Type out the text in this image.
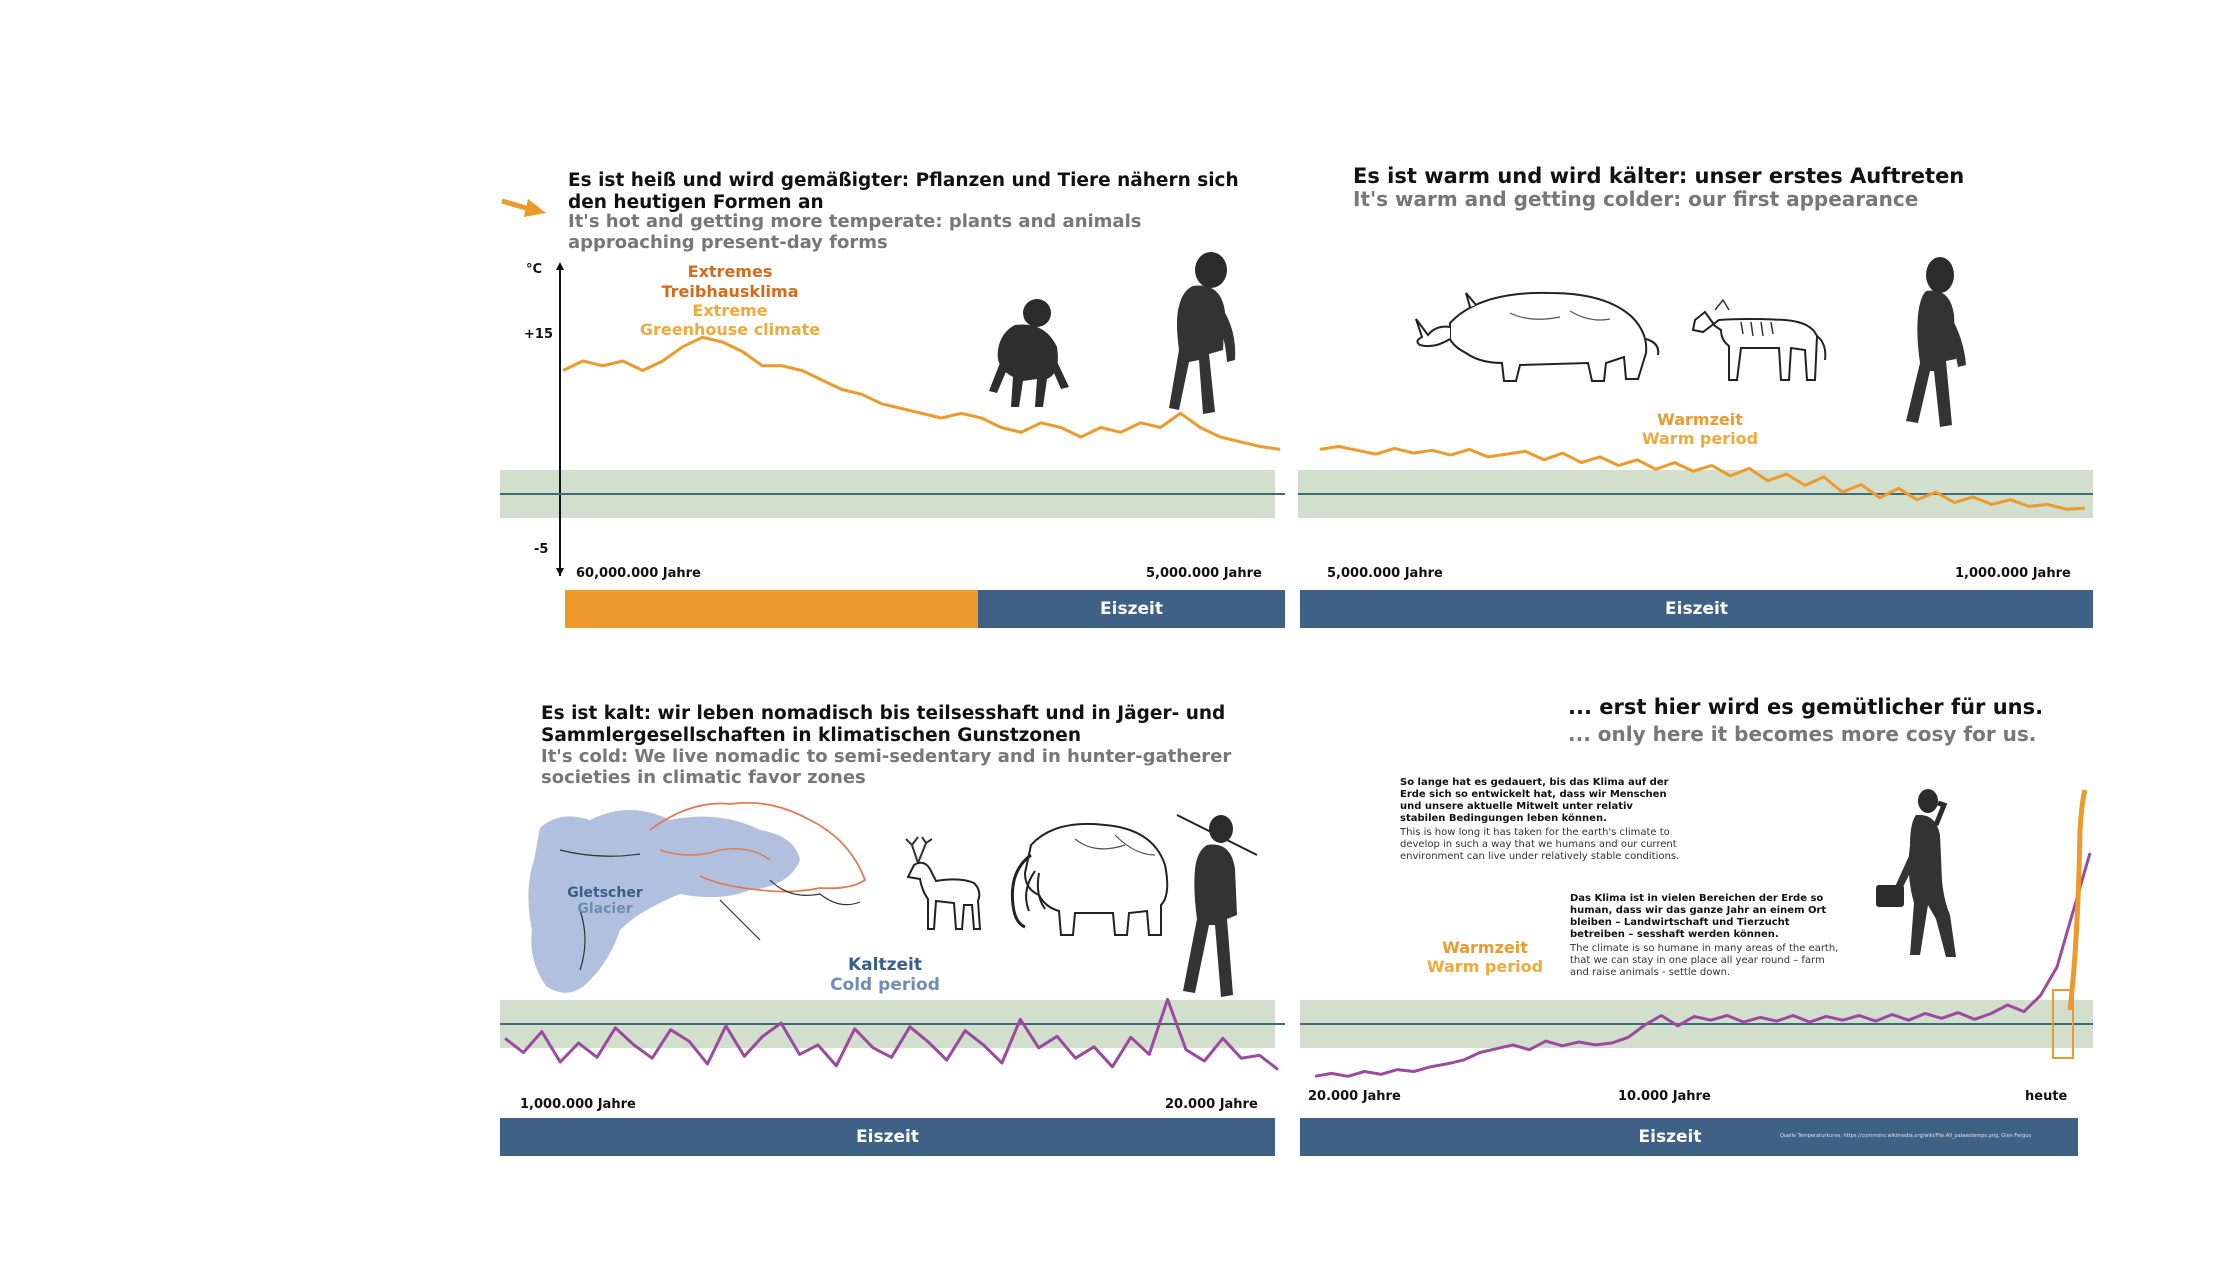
Es ist heiß und wird gemäßigter: Pflanzen und Tiere nähern sich den heutigen Formen an
It's hot and getting more temperate: plants and animals approaching present-day forms
°C
+15
-5
Extremes
Treibhausklima
Extreme
Greenhouse climate
60,000.000 Jahre	5,000.000 Jahre
Eiszeit
Es ist warm und wird kälter: unser erstes Auftreten
It's warm and getting colder: our first appearance
Warmzeit
Warm period
5,000.000 Jahre	1,000.000 Jahre
Eiszeit
Es ist kalt: wir leben nomadisch bis teilsesshaft und in Jäger- und Sammlergesellschaften in klimatischen Gunstzonen
It's cold: We live nomadic to semi-sedentary and in hunter-gatherer societies in climatic favor zones
Gletscher
Glacier
Kaltzeit
Cold period
1,000.000 Jahre	20.000 Jahre
Eiszeit
... erst hier wird es gemütlicher für uns.
... only here it becomes more cosy for us.
So lange hat es gedauert, bis das Klima auf der Erde sich so entwickelt hat, dass wir Menschen und unsere aktuelle Mitwelt unter relativ stabilen Bedingungen leben können.
This is how long it has taken for the earth's climate to develop in such a way that we humans and our current environment can live under relatively stable conditions.
Das Klima ist in vielen Bereichen der Erde so human, dass wir das ganze Jahr an einem Ort bleiben – Landwirtschaft und Tierzucht betreiben – sesshaft werden können.
The climate is so humane in many areas of the earth, that we can stay in one place all year round – farm and raise animals - settle down.
Warmzeit
Warm period
20.000 Jahre	10.000 Jahre	heute
Eiszeit	Quelle Temperaturkurve: https://commons.wikimedia.org/wiki/File:All_palaeotemps.png, Glen Fergus
